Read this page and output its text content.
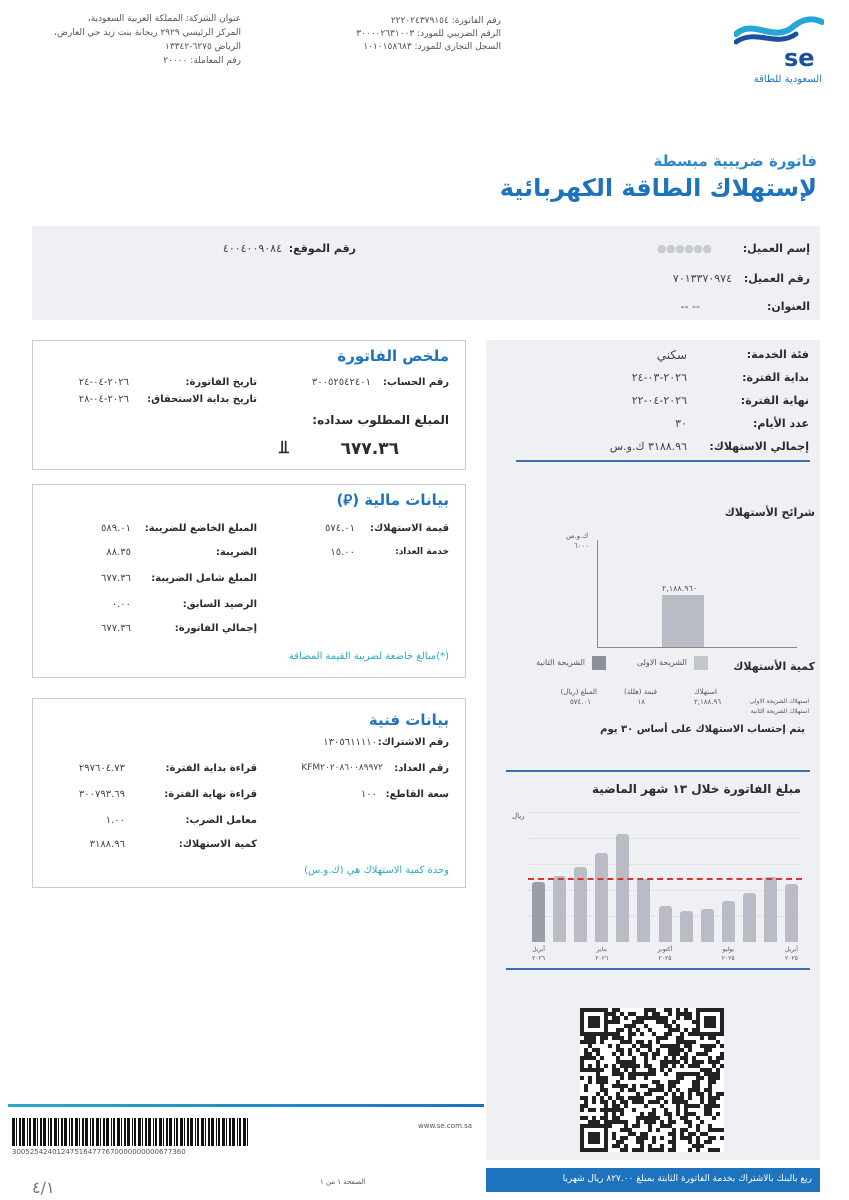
se
السعودية للطاقة
رقم الفاتورة: ٢٢٢٠٢٤٣٧٩١٥٤
الرقم الضريبي للمورد: ٣٠٠٠٠٢٦٣١٠٠٣
السجل التجاري للمورد: ١٠١٠١٥٨٦٨٣
عنوان الشركة: المملكة العربية السعودية،
المركز الرئيسي ٢٩٢٩ ريحانة بنت زيد حي العارض،
الرياض ٦٢٧٥-١٣٣٤٢
رقم المعاملة: ٢٠٠٠٠
فاتورة ضريبية مبسطة
لإستهلاك الطاقة الكهربائية
إسم العميل:
● ● ● ● ● ●
رقم العميل:
٧٠١٣٣٧٠٩٧٤
العنوان:
-- --
رقم الموقع:
٤٠٠٤٠٠٩٠٨٤
فئة الخدمة:
سكني
بداية الفترة:
٢٠٢٦-٠٣-٢٤
نهاية الفترة:
٢٠٢٦-٠٤-٢٢
عدد الأيام:
٣٠
إجمالي الاستهلاك:
٣١٨٨.٩٦ ك.و.س
ملخص الفاتورة
رقم الحساب:
٣٠٠٥٢٥٤٢٤٠١
تاريخ الفاتورة:
٢٠٢٦-٠٤-٢٤
تاريخ بداية الاستحقاق:
٢٠٢٦-٠٤-٢٨
المبلغ المطلوب سداده:
٦٧٧.٣٦
⫫
بيانات مالية (⃁)
قيمة الاستهلاك:
٥٧٤.٠١
خدمة العداد:
١٥.٠٠
المبلغ الخاضع للضريبة:
٥٨٩.٠١
الضريبة:
٨٨.٣٥
المبلغ شامل الضريبة:
٦٧٧.٣٦
الرصيد السابق:
٠.٠٠
إجمالي الفاتورة:
٦٧٧.٣٦
(*)مبالغ خاضعة لضريبة القيمة المضافة
بيانات فنية
رقم الاشتراك:
١٣٠٥٦١١١١٠
رقم العداد:
KFM٢٠٢٠٨٦٠٠٨٩٩٧٢
سعة القاطع:
١٠٠
قراءة بداية الفترة:
٢٩٧٦٠٤.٧٣
قراءة نهاية الفترة:
٣٠٠٧٩٣.٦٩
معامل الضرب:
١.٠٠
كمية الاستهلاك:
٣١٨٨.٩٦
وحدة كمية الاستهلاك هي (ك.و.س)
شرائح الأستهلاك
ك.و.س
٦٠٠٠
٢,١٨٨.٩٦٠
كمية الأستهلاك
الشريحة الاولى
الشريحة الثانية
استهلاك
٢,١٨٨.٩٦
قيمة (هللة)
١٨
المبلغ (ريال)
٥٧٤.٠١	استهلاك الشريحة الاولى
استهلاك الشريحة الثانية
يتم إحتساب الاستهلاك على أساس ٣٠ يوم
مبلغ الفاتورة خلال ١٣ شهر الماضية
ريال
أبريل
٢٠٢٥
يوليو
٢٠٢٥
أكتوبر
٢٠٢٥
يناير
٢٠٢٦
أبريل
٢٠٢٦
www.se.com.sa
300525424012475164777670000000000677360
الصفحة ١ من ١
٤/١	ريع بالبنك بالاشتراك بخدمة الفاتورة الثابتة بمبلغ ٨٢٧.٠٠ ريال شهريا
